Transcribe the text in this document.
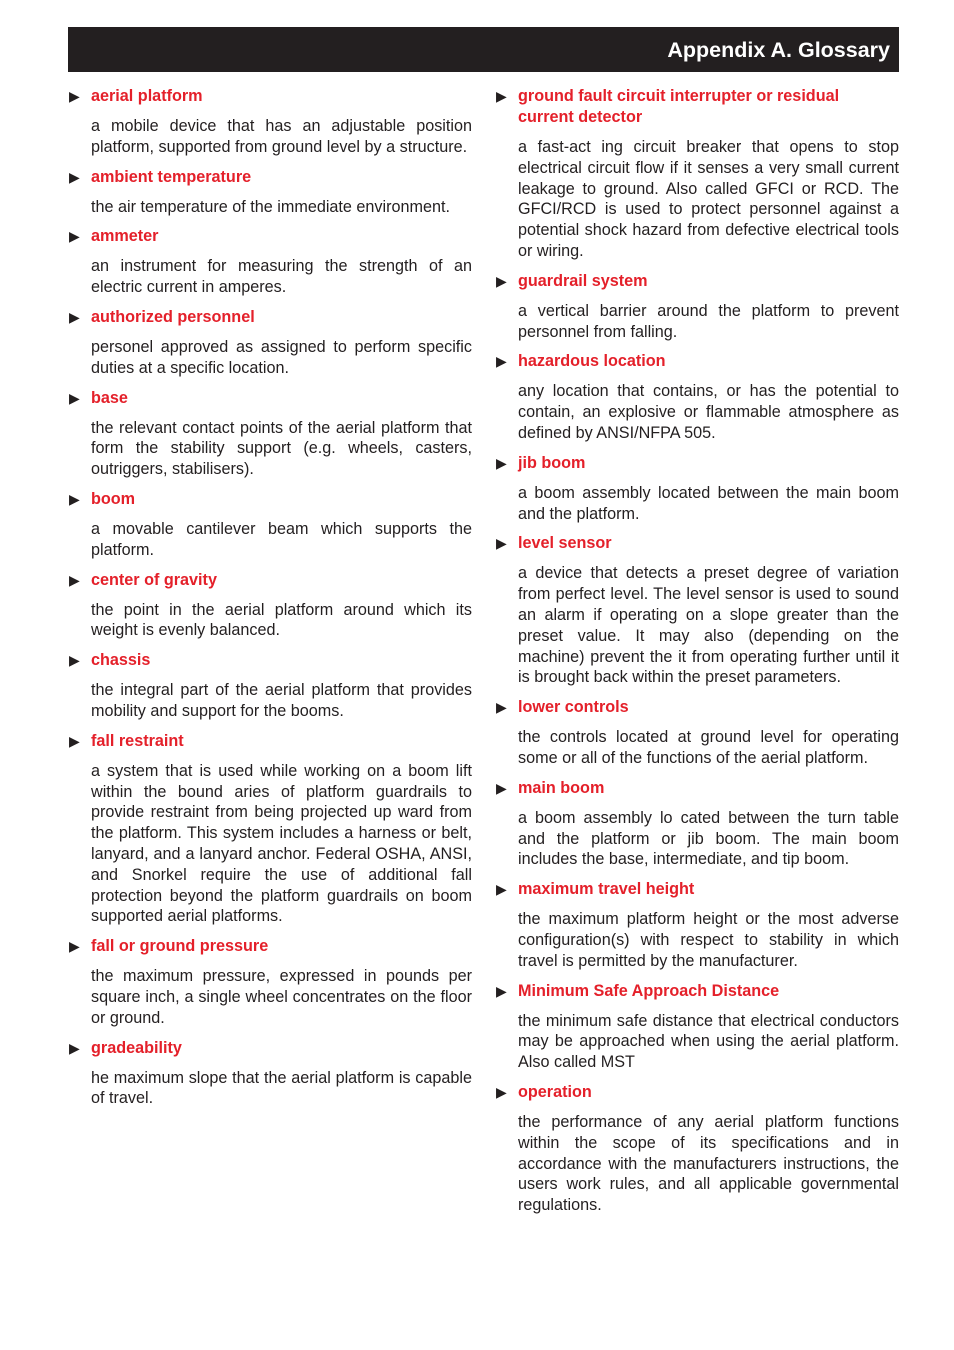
Appendix A. Glossary
▶ aerial platform
a mobile device that has an adjustable position platform, supported from ground level by a structure.
▶ ambient temperature
the air temperature of the immediate environment.
▶ ammeter
an instrument for measuring the strength of an electric current in amperes.
▶ authorized personnel
personel approved as assigned to perform specific duties at a specific location.
▶ base
the relevant contact points of the aerial platform that form the stability support (e.g. wheels, casters, outriggers, stabilisers).
▶ boom
a movable cantilever beam which supports the platform.
▶ center of gravity
the point in the aerial platform around which its weight is evenly balanced.
▶ chassis
the integral part of the aerial platform that provides mobility and support for the booms.
▶ fall restraint
a system that is used while working on a boom lift within the bound aries of platform guardrails to provide restraint from being projected up ward from the platform. This system includes a harness or belt, lanyard, and a lanyard anchor. Federal OSHA, ANSI, and Snorkel require the use of additional fall protection beyond the platform guardrails on boom supported aerial platforms.
▶ fall or ground pressure
the maximum pressure, expressed in pounds per square inch, a single wheel concentrates on the floor or ground.
▶ gradeability
he maximum slope that the aerial platform is capable of travel.
▶ ground fault circuit interrupter or residual current detector
a fast-act ing circuit breaker that opens to stop electrical circuit flow if it senses a very small current leakage to ground. Also called GFCI or RCD. The GFCI/RCD is used to protect personnel against a potential shock hazard from defective electrical tools or wiring.
▶ guardrail system
a vertical barrier around the platform to prevent personnel from falling.
▶ hazardous location
any location that contains, or has the potential to contain, an explosive or flammable atmosphere as defined by ANSI/NFPA 505.
▶ jib boom
a boom assembly located between the main boom and the platform.
▶ level sensor
a device that detects a preset degree of variation from perfect level. The level sensor is used to sound an alarm if operating on a slope greater than the preset value. It may also (depending on the machine) prevent the it from operating further until it is brought back within the preset parameters.
▶ lower controls
the controls located at ground level for operating some or all of the functions of the aerial platform.
▶ main boom
a boom assembly lo cated between the turn table and the platform or jib boom. The main boom includes the base, intermediate, and tip boom.
▶ maximum travel height
the maximum platform height or the most adverse configuration(s) with respect to stability in which travel is permitted by the manufacturer.
▶ Minimum Safe Approach Distance
the minimum safe distance that electrical conductors may be approached when using the aerial platform. Also called MST
▶ operation
the performance of any aerial platform functions within the scope of its specifications and in accordance with the manufacturers instructions, the users work rules, and all applicable governmental regulations.
